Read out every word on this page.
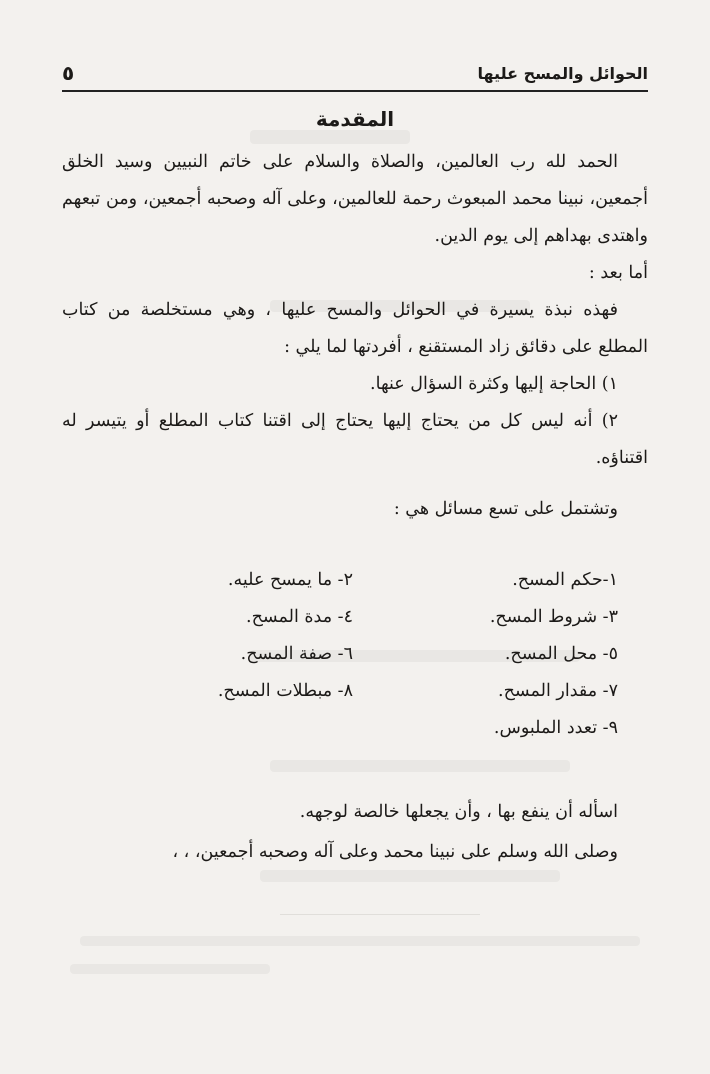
الحوائل والمسح عليها
٥
المقدمة

الحمد لله رب العالمين، والصلاة والسلام على خاتم النبيين وسيد الخلق أجمعين، نبينا محمد المبعوث رحمة للعالمين، وعلى آله وصحبه أجمعين، ومن تبعهم واهتدى بهداهم إلى يوم الدين.

أما بعد :

فهذه نبذة يسيرة في الحوائل والمسح عليها ، وهي مستخلصة من كتاب المطلع على دقائق زاد المستقنع ، أفردتها لما يلي :

١) الحاجة إليها وكثرة السؤال عنها.

٢) أنه ليس كل من يحتاج إليها يحتاج إلى اقتنا كتاب المطلع أو يتيسر له اقتناؤه.

وتشتمل على تسع مسائل هي :

١-حكم المسح.
٢- ما يمسح عليه.
٣- شروط المسح.
٤- مدة المسح.
٥- محل المسح.
٦- صفة المسح.
٧- مقدار المسح.
٨- مبطلات المسح.
٩- تعدد الملبوس.

اسأله أن ينفع بها ، وأن يجعلها خالصة لوجهه.

وصلى الله وسلم على نبينا محمد وعلى آله وصحبه أجمعين، ، ،
